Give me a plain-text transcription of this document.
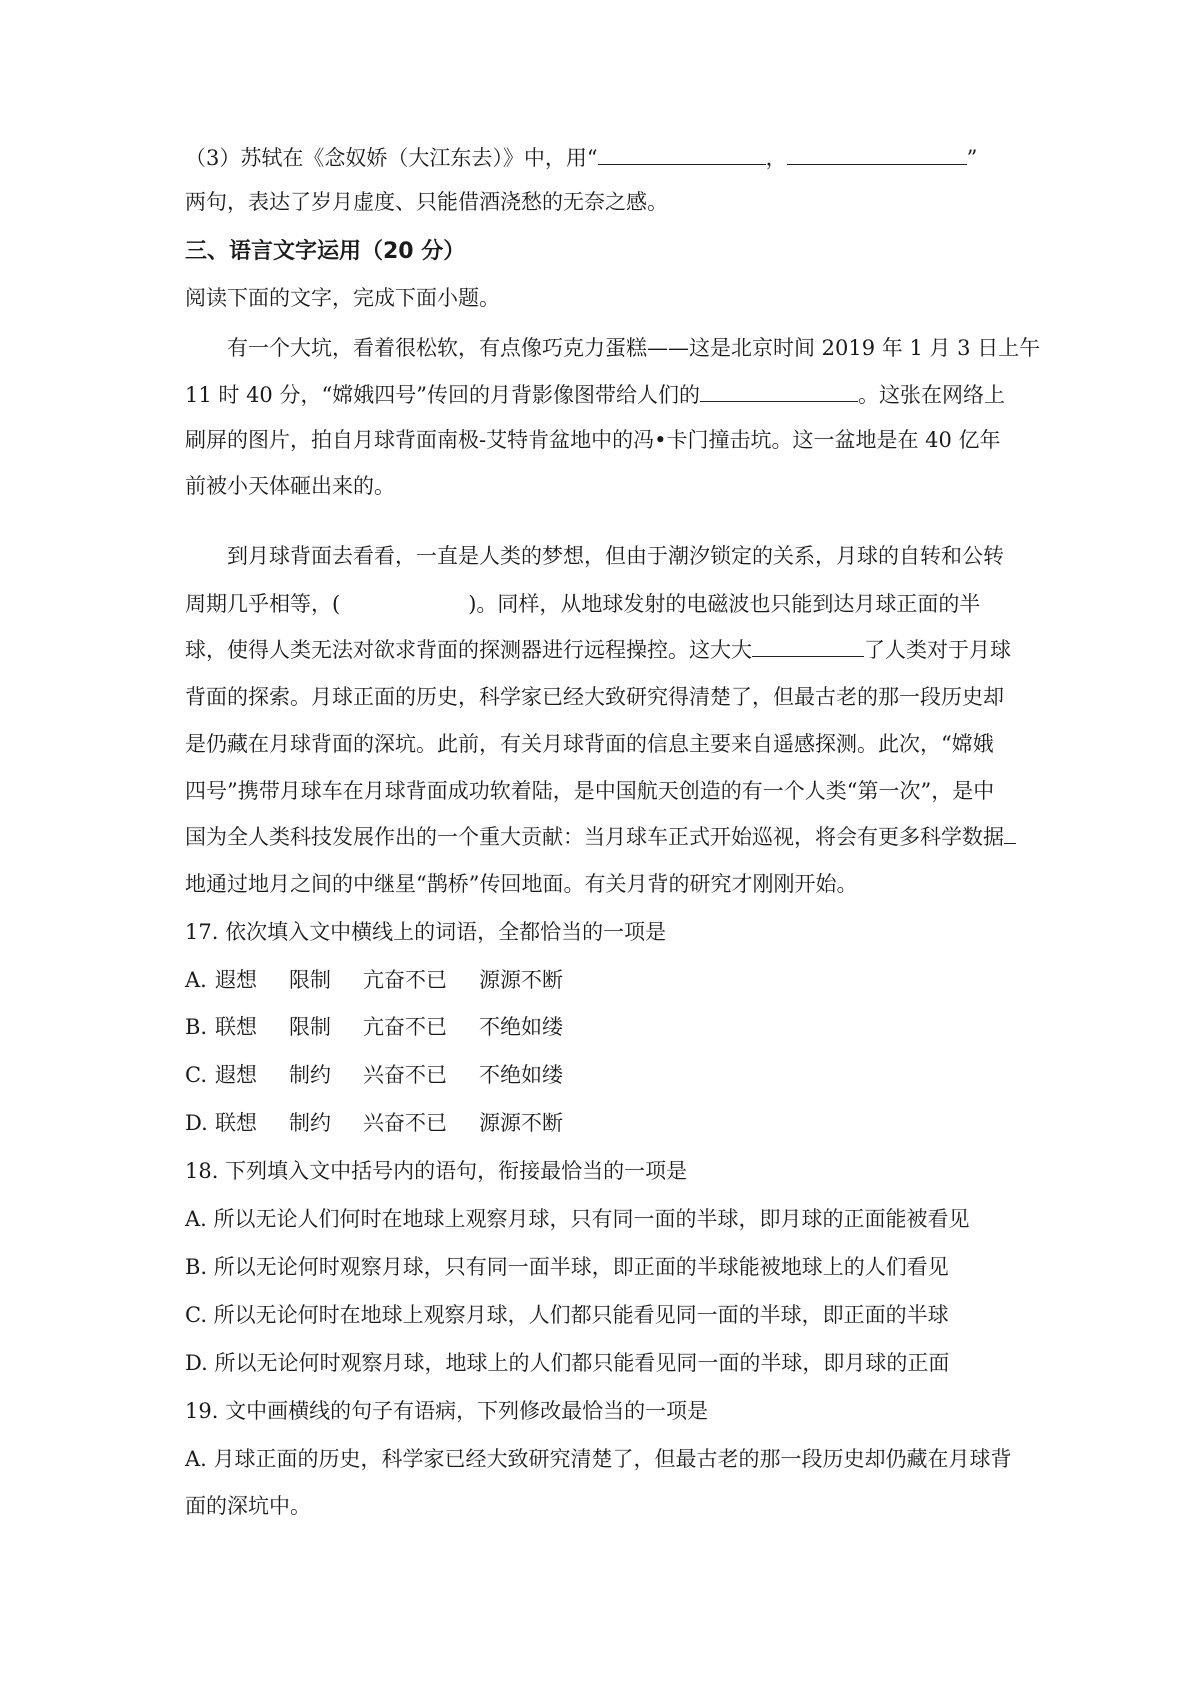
（3）苏轼在《念奴娇（大江东去）》中，用“	，	”
两句，表达了岁月虚度、只能借酒浇愁的无奈之感。
三、语言文字运用（20 分）
阅读下面的文字，完成下面小题。
有一个大坑，看着很松软，有点像巧克力蛋糕——这是北京时间 2019 年 1 月 3 日上午
11 时 40 分，“嫦娥四号”传回的月背影像图带给人们的	。这张在网络上
刷屏的图片，拍自月球背面南极-艾特肯盆地中的冯•卡门撞击坑。这一盆地是在 40 亿年
前被小天体砸出来的。
到月球背面去看看，一直是人类的梦想，但由于潮汐锁定的关系，月球的自转和公转
周期几乎相等，(	)。同样，从地球发射的电磁波也只能到达月球正面的半
球，使得人类无法对欲求背面的探测器进行远程操控。这大大	了人类对于月球
背面的探索。月球正面的历史，科学家已经大致研究得清楚了，但最古老的那一段历史却
是仍藏在月球背面的深坑。此前，有关月球背面的信息主要来自遥感探测。此次，“嫦娥
四号”携带月球车在月球背面成功软着陆，是中国航天创造的有一个人类“第一次”，是中
国为全人类科技发展作出的一个重大贡献：当月球车正式开始巡视，将会有更多科学数据
地通过地月之间的中继星“鹊桥”传回地面。有关月背的研究才刚刚开始。
17. 依次填入文中横线上的词语，全都恰当的一项是
A. 遐想 限制 亢奋不已 源源不断
B. 联想 限制 亢奋不已 不绝如缕
C. 遐想 制约 兴奋不已 不绝如缕
D. 联想 制约 兴奋不已 源源不断
18. 下列填入文中括号内的语句，衔接最恰当的一项是
A. 所以无论人们何时在地球上观察月球，只有同一面的半球，即月球的正面能被看见
B. 所以无论何时观察月球，只有同一面半球，即正面的半球能被地球上的人们看见
C. 所以无论何时在地球上观察月球，人们都只能看见同一面的半球，即正面的半球
D. 所以无论何时观察月球，地球上的人们都只能看见同一面的半球，即月球的正面
19. 文中画横线的句子有语病，下列修改最恰当的一项是
A. 月球正面的历史，科学家已经大致研究清楚了，但最古老的那一段历史却仍藏在月球背
面的深坑中。
